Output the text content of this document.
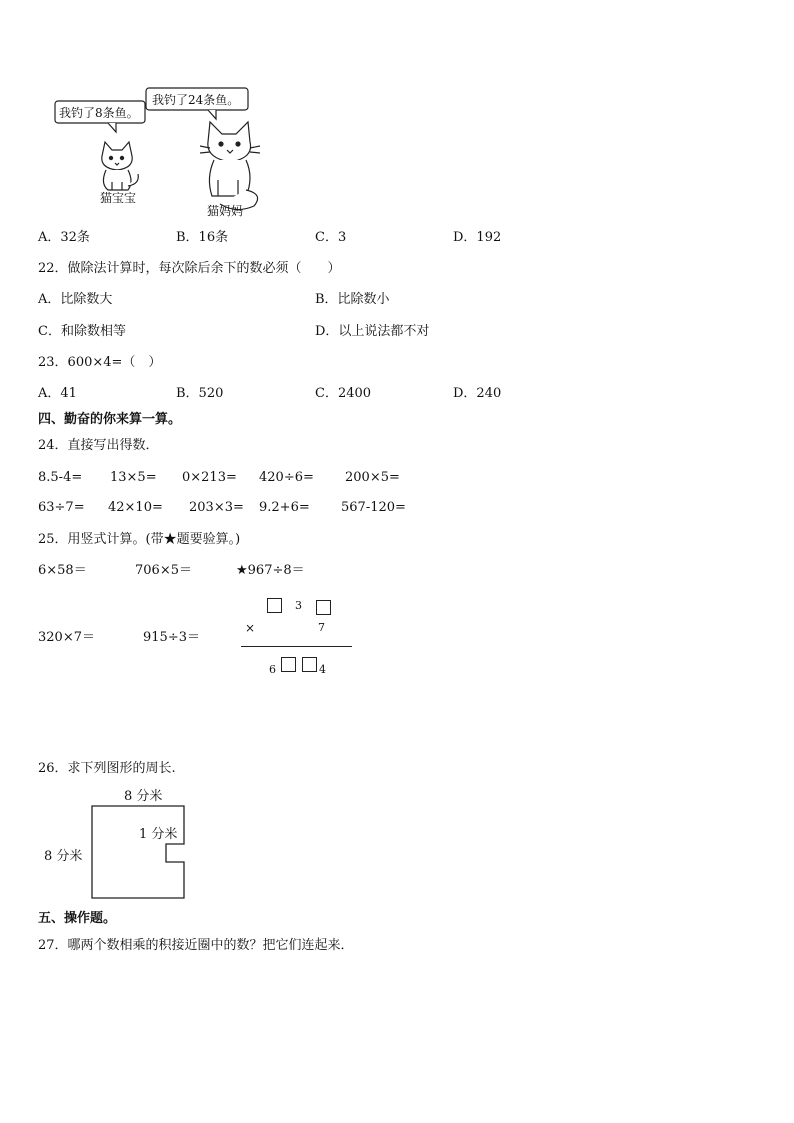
我钓了8条鱼。
我钓了24条鱼。
猫宝宝
猫妈妈
A．32条	B．16条	C．3	D．192
22．做除法计算时，每次除后余下的数必须（　　）
A．比除数大	B．比除数小
C．和除数相等	D．以上说法都不对
23．600×4=（　）
A．41	B．520	C．2400	D．240
四、勤奋的你来算一算。
24．直接写出得数．
8.5-4= 13×5= 0×213= 420÷6= 200×5=
63÷7= 42×10= 203×3= 9.2+6= 567-120=
25．用竖式计算。(带★题要验算。)
6×58＝	706×5＝	★967÷8＝
320×7＝	915÷3＝
3
×	7
6	4
26．求下列图形的周长.
8 分米
1 分米
8 分米
五、操作题。
27．哪两个数相乘的积接近圈中的数？把它们连起来．
